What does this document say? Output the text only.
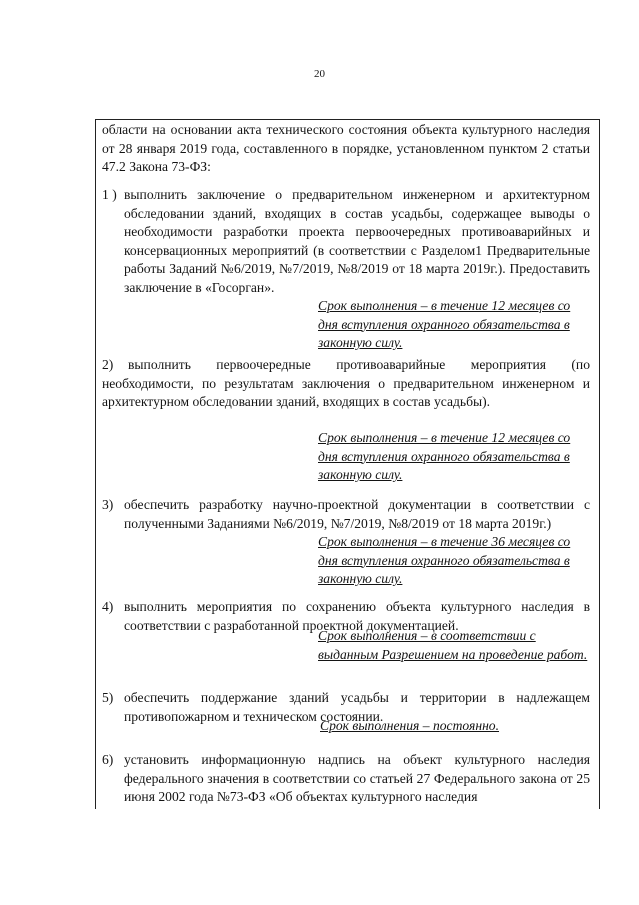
20
области на основании акта технического состояния объекта культурного наследия от 28 января 2019 года, составленного в порядке, установленном пунктом 2 статьи 47.2 Закона 73-ФЗ:
1 ) выполнить заключение о предварительном инженерном и архитектурном обследовании зданий, входящих в состав усадьбы, содержащее выводы о необходимости разработки проекта первоочередных противоаварийных и консервационных мероприятий (в соответствии с Разделом1 Предварительные работы Заданий №6/2019, №7/2019, №8/2019 от 18 марта 2019г.). Предоставить заключение в «Госорган».
Срок выполнения – в течение 12 месяцев со дня вступления охранного обязательства в законную силу.
2)	выполнить первоочередные противоаварийные мероприятия (по необходимости, по результатам заключения о предварительном инженерном и архитектурном обследовании зданий, входящих в состав усадьбы).
Срок выполнения – в течение 12 месяцев со дня вступления охранного обязательства в законную силу.
3) обеспечить разработку научно-проектной документации в соответствии с полученными Заданиями №6/2019, №7/2019, №8/2019 от 18 марта 2019г.)
Срок выполнения – в течение 36 месяцев со дня вступления охранного обязательства в законную силу.
4) выполнить мероприятия по сохранению объекта культурного наследия в соответствии с разработанной проектной документацией.
Срок выполнения – в соответствии с выданным Разрешением на проведение работ.
5) обеспечить поддержание зданий усадьбы и территории в надлежащем противопожарном и техническом состоянии.
Срок выполнения – постоянно.
6) установить информационную надпись на объект культурного наследия федерального значения в соответствии со статьей 27 Федерального закона от 25 июня 2002 года №73-ФЗ «Об объектах культурного наследия
